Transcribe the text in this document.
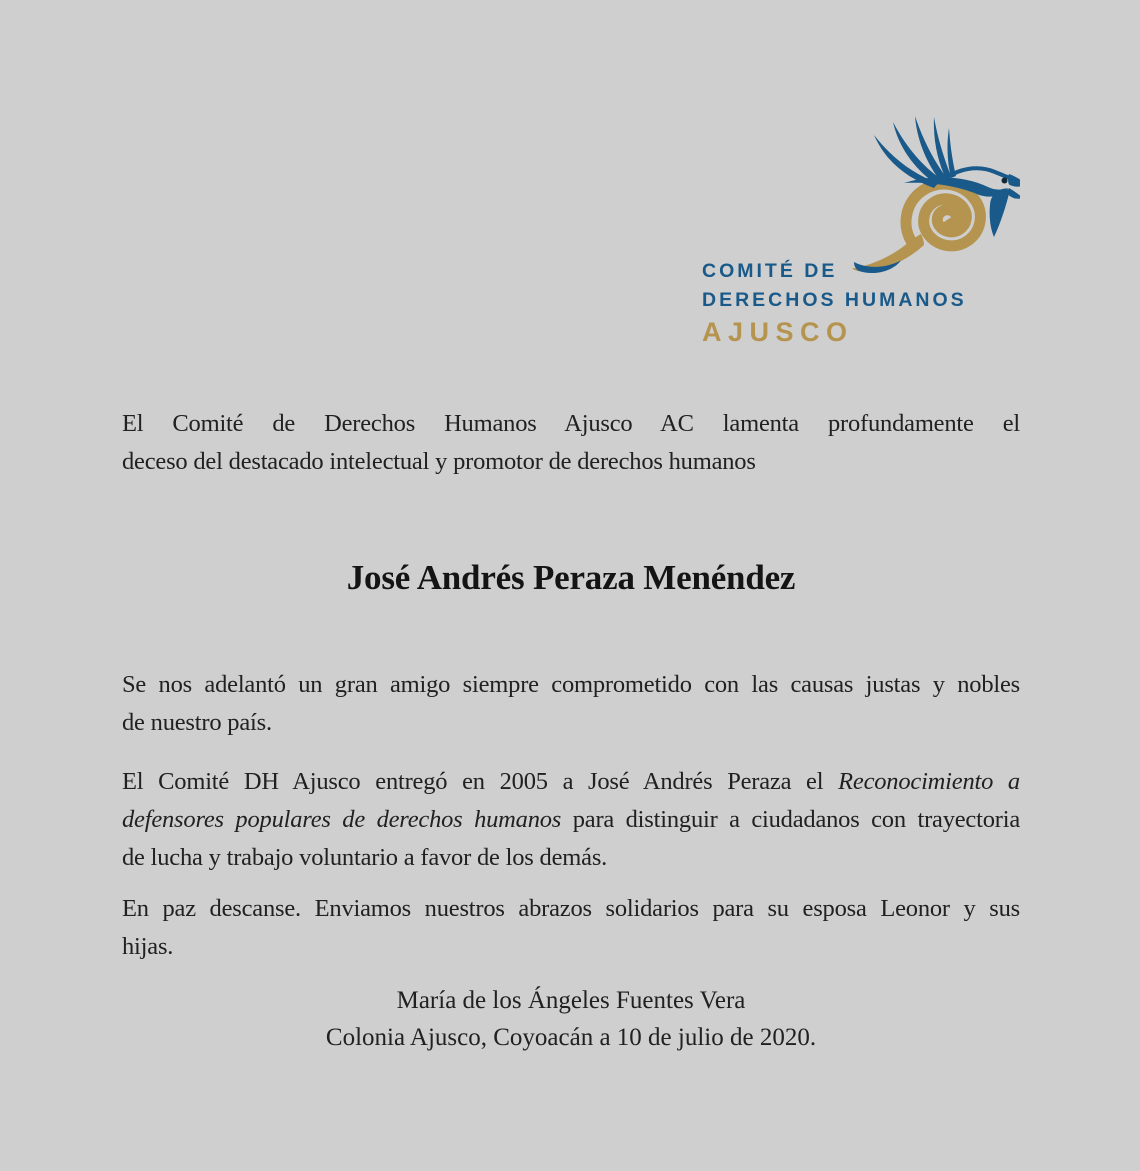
COMITÉ DE
DERECHOS HUMANOS
AJUSCO
El Comité de Derechos Humanos Ajusco AC lamenta profundamente el
deceso del destacado intelectual y promotor de derechos humanos
José Andrés Peraza Menéndez
Se nos adelantó un gran amigo siempre comprometido con las causas justas y nobles
de nuestro país.
El Comité DH Ajusco entregó en 2005 a José Andrés Peraza el Reconocimiento a
defensores populares de derechos humanos para distinguir a ciudadanos con trayectoria
de lucha y trabajo voluntario a favor de los demás.
En paz descanse. Enviamos nuestros abrazos solidarios para su esposa Leonor y sus
hijas.
María de los Ángeles Fuentes Vera
Colonia Ajusco, Coyoacán a 10 de julio de 2020.
